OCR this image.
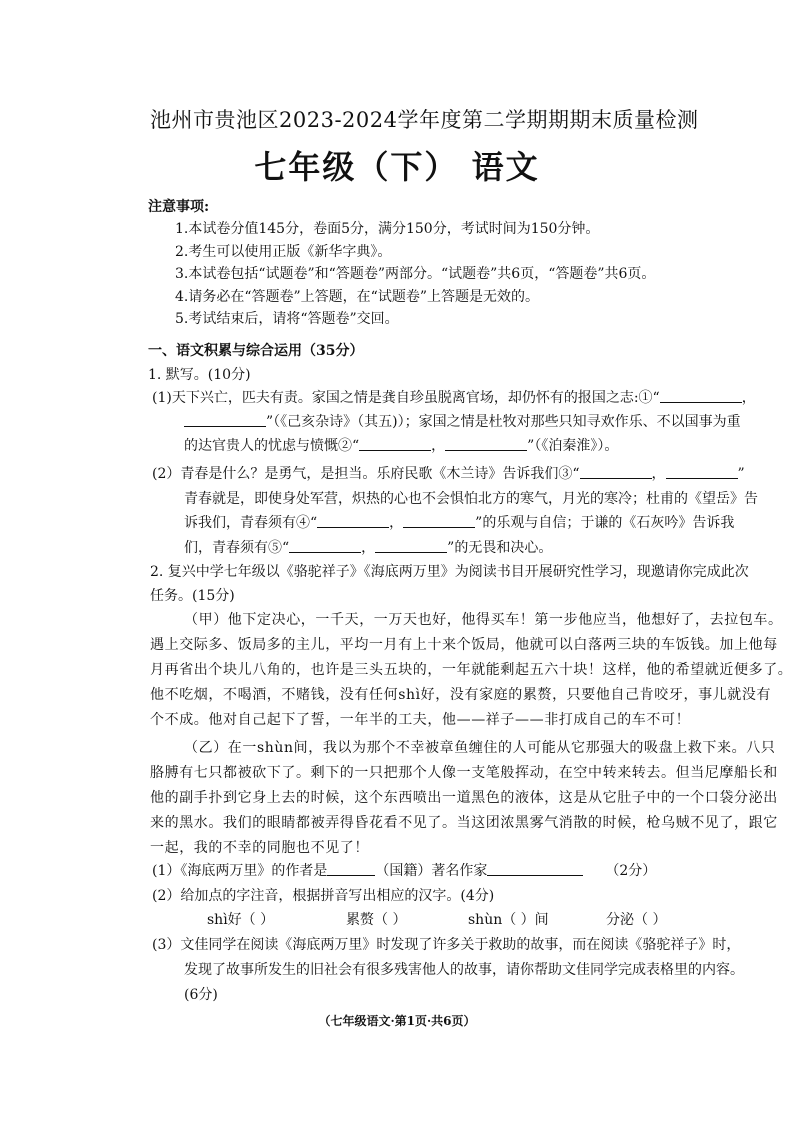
池州市贵池区2023-2024学年度第二学期期期末质量检测
七年级（下） 语文
注意事项:
1.本试卷分值145分，卷面5分，满分150分，考试时间为150分钟。
2.考生可以使用正版《新华字典》。
3.本试卷包括“试题卷”和“答题卷”两部分。“试题卷”共6页，“答题卷”共6页。
4.请务必在“答题卷”上答题，在“试题卷”上答题是无效的。
5.考试结束后，请将“答题卷”交回。
一、语文积累与综合运用（35分）
1. 默写。(10分)
(1)天下兴亡，匹夫有责。家国之情是龚自珍虽脱离官场，却仍怀有的报国之志:①“	，
”（《己亥杂诗》（其五)）；家国之情是杜牧对那些只知寻欢作乐、不以国事为重
的达官贵人的忧虑与愤慨②“	，	”（《泊秦淮》）。
(2）青春是什么？是勇气，是担当。乐府民歌《木兰诗》告诉我们③“	，	”
青春就是，即使身处军营，炽热的心也不会惧怕北方的寒气，月光的寒冷；杜甫的《望岳》告
诉我们，青春须有④“	，	”的乐观与自信；于谦的《石灰吟》告诉我
们，青春须有⑤“	，	”的无畏和决心。
2. 复兴中学七年级以《骆驼祥子》《海底两万里》为阅读书目开展研究性学习，现邀请你完成此次
任务。(15分)
（甲）他下定决心，一千天，一万天也好，他得买车！第一步他应当，他想好了，去拉包车。
遇上交际多、饭局多的主儿，平均一月有上十来个饭局，他就可以白落两三块的车饭钱。加上他每
月再省出个块儿八角的，也许是三头五块的，一年就能剩起五六十块！这样，他的希望就近便多了。
他不吃烟，不喝酒，不赌钱，没有任何shì好，没有家庭的累赘，只要他自己肯咬牙，事儿就没有
个不成。他对自己起下了誓，一年半的工夫，他——祥子——非打成自己的车不可！
（乙）在一shùn间，我以为那个不幸被章鱼缠住的人可能从它那强大的吸盘上救下来。八只
胳膊有七只都被砍下了。剩下的一只把那个人像一支笔般挥动，在空中转来转去。但当尼摩船长和
他的副手扑到它身上去的时候，这个东西喷出一道黑色的液体，这是从它肚子中的一个口袋分泌出
来的黑水。我们的眼睛都被弄得昏花看不见了。当这团浓黑雾气消散的时候，枪乌贼不见了，跟它
一起，我的不幸的同胞也不见了！
(1）《海底两万里》的作者是	（国籍）著名作家	（2分）
(2）给加点的字注音，根据拼音写出相应的汉字。(4分)
shì好（ ）	累赘（ ）	shùn（ ）间	分泌（ ）
(3）文佳同学在阅读《海底两万里》时发现了许多关于救助的故事，而在阅读《骆驼祥子》时，
发现了故事所发生的旧社会有很多残害他人的故事，请你帮助文佳同学完成表格里的内容。
(6分)
（七年级语文·第1页·共6页）
